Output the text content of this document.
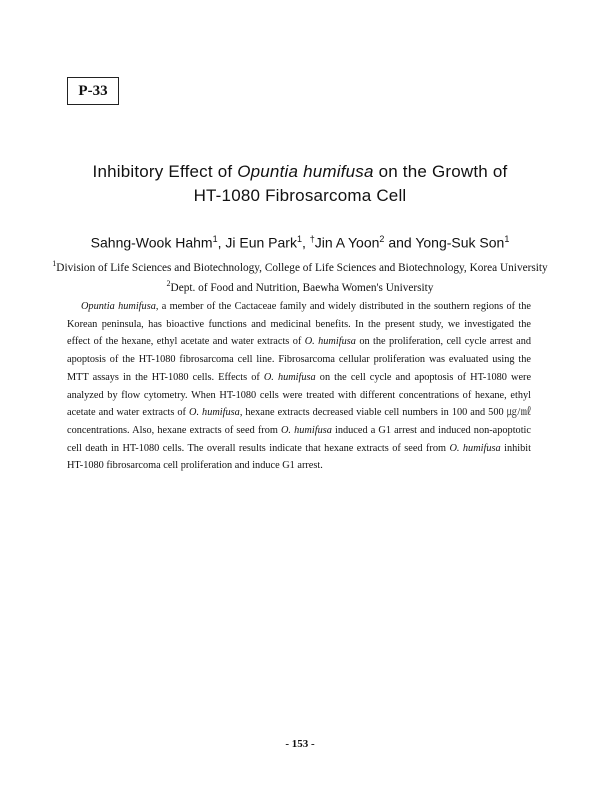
P-33
Inhibitory Effect of Opuntia humifusa on the Growth of
HT-1080 Fibrosarcoma Cell
Sahng-Wook Hahm$^1$, Ji Eun Park$^1$, †Jin A Yoon$^2$ and Yong-Suk Son$^1$
$^1$Division of Life Sciences and Biotechnology, College of Life Sciences and Biotechnology, Korea University
$^2$Dept. of Food and Nutrition, Baewha Women's University

Opuntia humifusa, a member of the Cactaceae family and widely distributed in the southern regions of the Korean peninsula, has bioactive functions and medicinal benefits. In the present study, we investigated the effect of the hexane, ethyl acetate and water extracts of O. humifusa on the proliferation, cell cycle arrest and apoptosis of the HT-1080 fibrosarcoma cell line. Fibrosarcoma cellular proliferation was evaluated using the MTT assays in the HT-1080 cells. Effects of O. humifusa on the cell cycle and apoptosis of HT-1080 were analyzed by flow cytometry. When HT-1080 cells were treated with different concentrations of hexane, ethyl acetate and water extracts of O. humifusa, hexane extracts decreased viable cell numbers in 100 and 500 ㎍/㎖ concentrations. Also, hexane extracts of seed from O. humifusa induced a G1 arrest and induced non-apoptotic cell death in HT-1080 cells. The overall results indicate that hexane extracts of seed from O. humifusa inhibit HT-1080 fibrosarcoma cell proliferation and induce G1 arrest.

- 153 -
